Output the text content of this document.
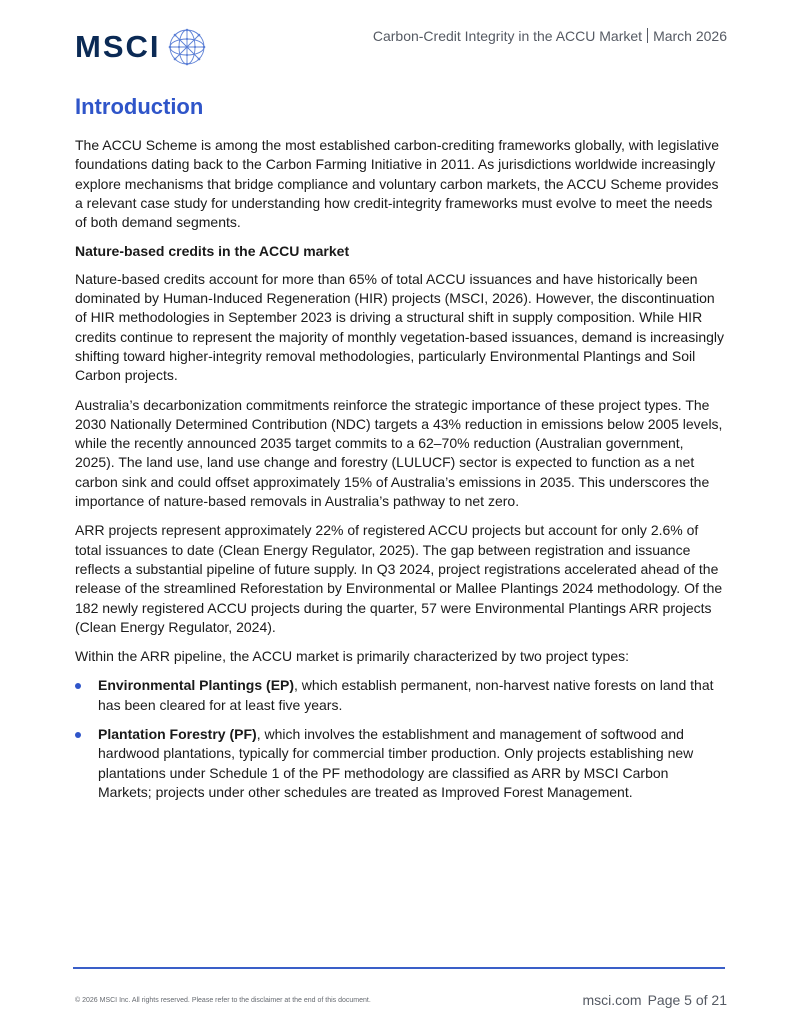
MSCI	Carbon-Credit Integrity in the ACCU Market March 2026
Introduction

The ACCU Scheme is among the most established carbon-crediting frameworks globally, with legislative foundations dating back to the Carbon Farming Initiative in 2011. As jurisdictions worldwide increasingly explore mechanisms that bridge compliance and voluntary carbon markets, the ACCU Scheme provides a relevant case study for understanding how credit-integrity frameworks must evolve to meet the needs of both demand segments.

Nature-based credits in the ACCU market

Nature-based credits account for more than 65% of total ACCU issuances and have historically been dominated by Human-Induced Regeneration (HIR) projects (MSCI, 2026). However, the discontinuation of HIR methodologies in September 2023 is driving a structural shift in supply composition. While HIR credits continue to represent the majority of monthly vegetation-based issuances, demand is increasingly shifting toward higher-integrity removal methodologies, particularly Environmental Plantings and Soil Carbon projects.

Australia’s decarbonization commitments reinforce the strategic importance of these project types. The 2030 Nationally Determined Contribution (NDC) targets a 43% reduction in emissions below 2005 levels, while the recently announced 2035 target commits to a 62–70% reduction (Australian government, 2025). The land use, land use change and forestry (LULUCF) sector is expected to function as a net carbon sink and could offset approximately 15% of Australia’s emissions in 2035. This underscores the importance of nature-based removals in Australia’s pathway to net zero.

ARR projects represent approximately 22% of registered ACCU projects but account for only 2.6% of total issuances to date (Clean Energy Regulator, 2025). The gap between registration and issuance reflects a substantial pipeline of future supply. In Q3 2024, project registrations accelerated ahead of the release of the streamlined Reforestation by Environmental or Mallee Plantings 2024 methodology. Of the 182 newly registered ACCU projects during the quarter, 57 were Environmental Plantings ARR projects (Clean Energy Regulator, 2024).

Within the ARR pipeline, the ACCU market is primarily characterized by two project types:

Environmental Plantings (EP), which establish permanent, non-harvest native forests on land that has been cleared for at least five years.
Plantation Forestry (PF), which involves the establishment and management of softwood and hardwood plantations, typically for commercial timber production. Only projects establishing new plantations under Schedule 1 of the PF methodology are classified as ARR by MSCI Carbon Markets; projects under other schedules are treated as Improved Forest Management.
© 2026 MSCI Inc. All rights reserved. Please refer to the disclaimer at the end of this document.	msci.com Page 5 of 21
